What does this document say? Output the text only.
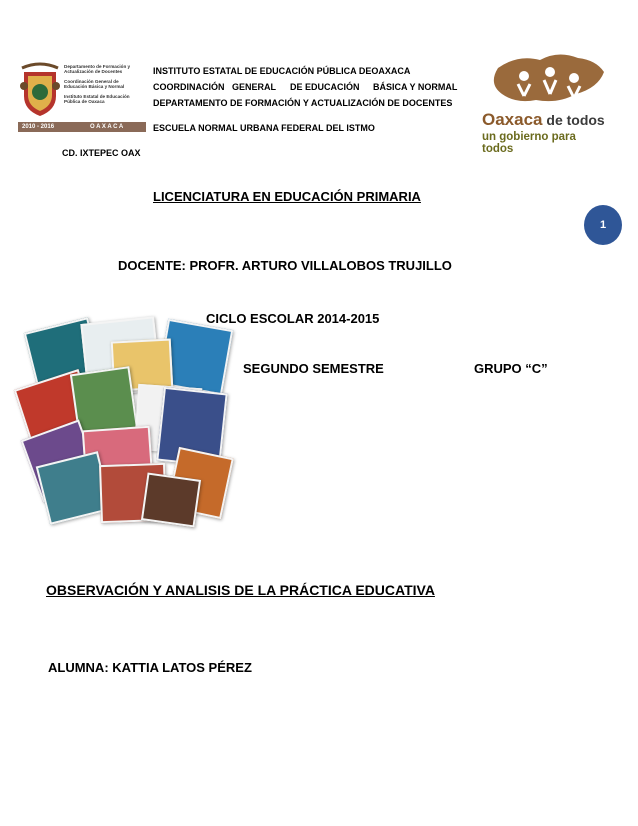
Departamento de Formación y
Actualización de Docentes
Coordinación General de
Educación Básica y Normal
Instituto Estatal de Educación
Pública de Oaxaca
2010 - 2016	O A X A C A
INSTITUTO ESTATAL DE EDUCACIÓN PÚBLICA DEOAXACA
COORDINACIÓN GENERAL DE EDUCACIÓN BÁSICA Y NORMAL
DEPARTAMENTO DE FORMACIÓN Y ACTUALIZACIÓN DE DOCENTES
ESCUELA NORMAL URBANA FEDERAL DEL ISTMO	Oaxaca de todos
un gobierno para todos
CD. IXTEPEC OAX
LICENCIATURA EN EDUCACIÓN PRIMARIA
1
DOCENTE: PROFR. ARTURO VILLALOBOS TRUJILLO
CICLO ESCOLAR 2014-2015
SEGUNDO SEMESTRE	GRUPO “C”
OBSERVACIÓN Y ANALISIS DE LA PRÁCTICA EDUCATIVA
ALUMNA: KATTIA LATOS PÉREZ
